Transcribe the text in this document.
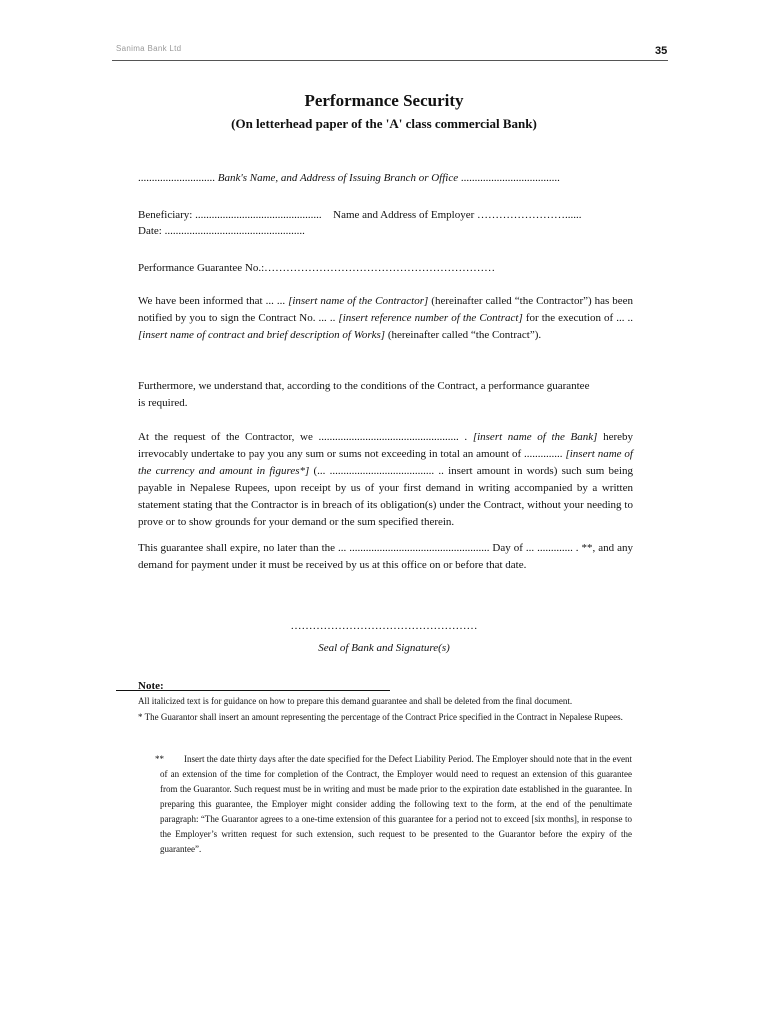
Sanima Bank Ltd	35
Performance Security
(On letterhead paper of the 'A' class commercial Bank)
............................ Bank's Name, and Address of Issuing Branch or Office ....................................
Beneficiary: .............................................. Name and Address of Employer ……………………......
Date: ...................................................
Performance Guarantee No.:………………………………………………………
We have been informed that ... ... [insert name of the Contractor] (hereinafter called “the Contractor”) has been notified by you to sign the Contract No. ... .. [insert reference number of the Contract] for the execution of ... .. [insert name of contract and brief description of Works] (hereinafter called “the Contract”).
Furthermore, we understand that, according to the conditions of the Contract, a performance guarantee
is required.
At the request of the Contractor, we ................................................... . [insert name of the Bank] hereby irrevocably undertake to pay you any sum or sums not exceeding in total an amount of .............. [insert name of the currency and amount in figures*] (... ...................................... .. insert amount in words) such sum being payable in Nepalese Rupees, upon receipt by us of your first demand in writing accompanied by a written statement stating that the Contractor is in breach of its obligation(s) under the Contract, without your needing to prove or to show grounds for your demand or the sum specified therein.
This guarantee shall expire, no later than the ... ................................................... Day of ... ............. . **, and any demand for payment under it must be received by us at this office on or before that date.
……………………………………………
Seal of Bank and Signature(s)
Note:
All italicized text is for guidance on how to prepare this demand guarantee and shall be deleted from the final document.
* The Guarantor shall insert an amount representing the percentage of the Contract Price specified in the Contract in Nepalese Rupees.
**	Insert the date thirty days after the date specified for the Defect Liability Period. The Employer should note that in the event of an extension of the time for completion of the Contract, the Employer would need to request an extension of this guarantee from the Guarantor. Such request must be in writing and must be made prior to the expiration date established in the guarantee. In preparing this guarantee, the Employer might consider adding the following text to the form, at the end of the penultimate paragraph: “The Guarantor agrees to a one-time extension of this guarantee for a period not to exceed [six months], in response to the Employer’s written request for such extension, such request to be presented to the Guarantor before the expiry of the guarantee”.
